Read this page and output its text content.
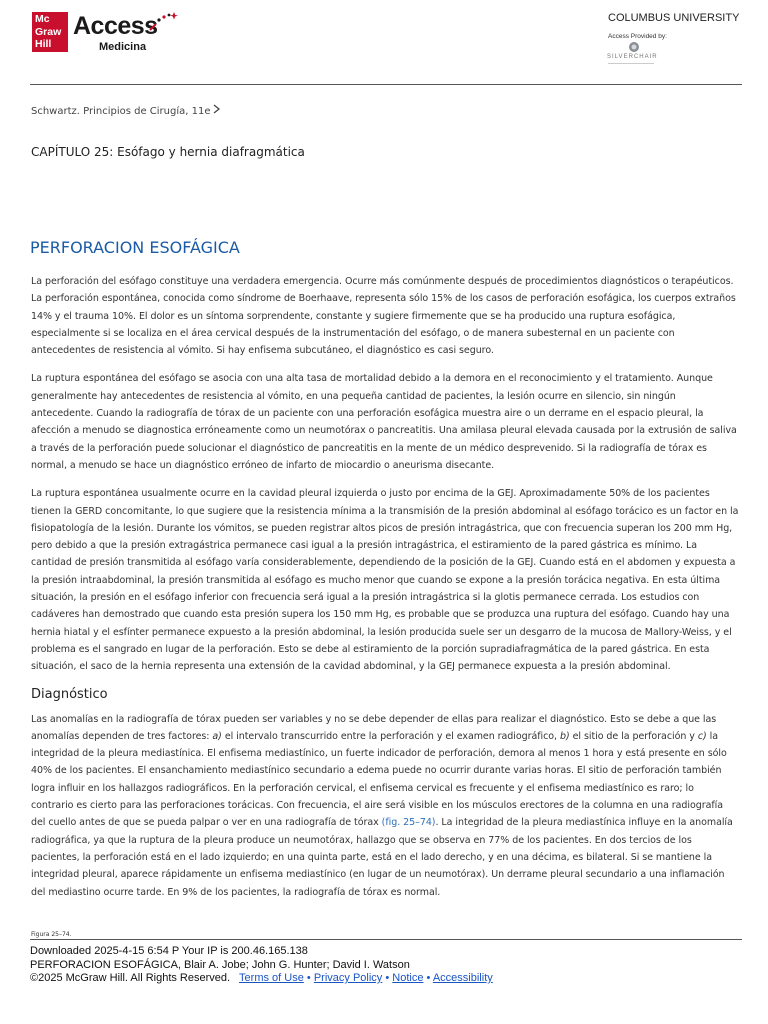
Mc
Graw
Hill
Access
Medicina
COLUMBUS UNIVERSITY
Access Provided by:
SILVERCHAIR
Schwartz. Principios de Cirugía, 11e
CAPÍTULO 25: Esófago y hernia diafragmática
PERFORACION ESOFÁGICA

La perforación del esófago constituye una verdadera emergencia. Ocurre más comúnmente después de procedimientos diagnósticos o terapéuticos. La perforación espontánea, conocida como síndrome de Boerhaave, representa sólo 15% de los casos de perforación esofágica, los cuerpos extraños 14% y el trauma 10%. El dolor es un síntoma sorprendente, constante y sugiere firmemente que se ha producido una ruptura esofágica, especialmente si se localiza en el área cervical después de la instrumentación del esófago, o de manera subesternal en un paciente con antecedentes de resistencia al vómito. Si hay enfisema subcutáneo, el diagnóstico es casi seguro.

La ruptura espontánea del esófago se asocia con una alta tasa de mortalidad debido a la demora en el reconocimiento y el tratamiento. Aunque generalmente hay antecedentes de resistencia al vómito, en una pequeña cantidad de pacientes, la lesión ocurre en silencio, sin ningún antecedente. Cuando la radiografía de tórax de un paciente con una perforación esofágica muestra aire o un derrame en el espacio pleural, la afección a menudo se diagnostica erróneamente como un neumotórax o pancreatitis. Una amilasa pleural elevada causada por la extrusión de saliva a través de la perforación puede solucionar el diagnóstico de pancreatitis en la mente de un médico desprevenido. Si la radiografía de tórax es normal, a menudo se hace un diagnóstico erróneo de infarto de miocardio o aneurisma disecante.

La ruptura espontánea usualmente ocurre en la cavidad pleural izquierda o justo por encima de la GEJ. Aproximadamente 50% de los pacientes tienen la GERD concomitante, lo que sugiere que la resistencia mínima a la transmisión de la presión abdominal al esófago torácico es un factor en la fisiopatología de la lesión. Durante los vómitos, se pueden registrar altos picos de presión intragástrica, que con frecuencia superan los 200 mm Hg, pero debido a que la presión extragástrica permanece casi igual a la presión intragástrica, el estiramiento de la pared gástrica es mínimo. La cantidad de presión transmitida al esófago varía considerablemente, dependiendo de la posición de la GEJ. Cuando está en el abdomen y expuesta a la presión intraabdominal, la presión transmitida al esófago es mucho menor que cuando se expone a la presión torácica negativa. En esta última situación, la presión en el esófago inferior con frecuencia será igual a la presión intragástrica si la glotis permanece cerrada. Los estudios con cadáveres han demostrado que cuando esta presión supera los 150 mm Hg, es probable que se produzca una ruptura del esófago. Cuando hay una hernia hiatal y el esfínter permanece expuesto a la presión abdominal, la lesión producida suele ser un desgarro de la mucosa de Mallory-Weiss, y el problema es el sangrado en lugar de la perforación. Esto se debe al estiramiento de la porción supradiafragmática de la pared gástrica. En esta situación, el saco de la hernia representa una extensión de la cavidad abdominal, y la GEJ permanece expuesta a la presión abdominal.

Diagnóstico

Las anomalías en la radiografía de tórax pueden ser variables y no se debe depender de ellas para realizar el diagnóstico. Esto se debe a que las anomalías dependen de tres factores: a) el intervalo transcurrido entre la perforación y el examen radiográfico, b) el sitio de la perforación y c) la integridad de la pleura mediastínica. El enfisema mediastínico, un fuerte indicador de perforación, demora al menos 1 hora y está presente en sólo 40% de los pacientes. El ensanchamiento mediastínico secundario a edema puede no ocurrir durante varias horas. El sitio de perforación también logra influir en los hallazgos radiográficos. En la perforación cervical, el enfisema cervical es frecuente y el enfisema mediastínico es raro; lo contrario es cierto para las perforaciones torácicas. Con frecuencia, el aire será visible en los músculos erectores de la columna en una radiografía del cuello antes de que se pueda palpar o ver en una radiografía de tórax (fig. 25–74). La integridad de la pleura mediastínica influye en la anomalía radiográfica, ya que la ruptura de la pleura produce un neumotórax, hallazgo que se observa en 77% de los pacientes. En dos tercios de los pacientes, la perforación está en el lado izquierdo; en una quinta parte, está en el lado derecho, y en una décima, es bilateral. Si se mantiene la integridad pleural, aparece rápidamente un enfisema mediastínico (en lugar de un neumotórax). Un derrame pleural secundario a una inflamación del mediastino ocurre tarde. En 9% de los pacientes, la radiografía de tórax es normal.

Figura 25–74.
Downloaded 2025-4-15 6:54 P Your IP is 200.46.165.138
PERFORACION ESOFÁGICA, Blair A. Jobe; John G. Hunter; David I. Watson
©2025 McGraw Hill. All Rights Reserved. Terms of Use • Privacy Policy • Notice • Accessibility
